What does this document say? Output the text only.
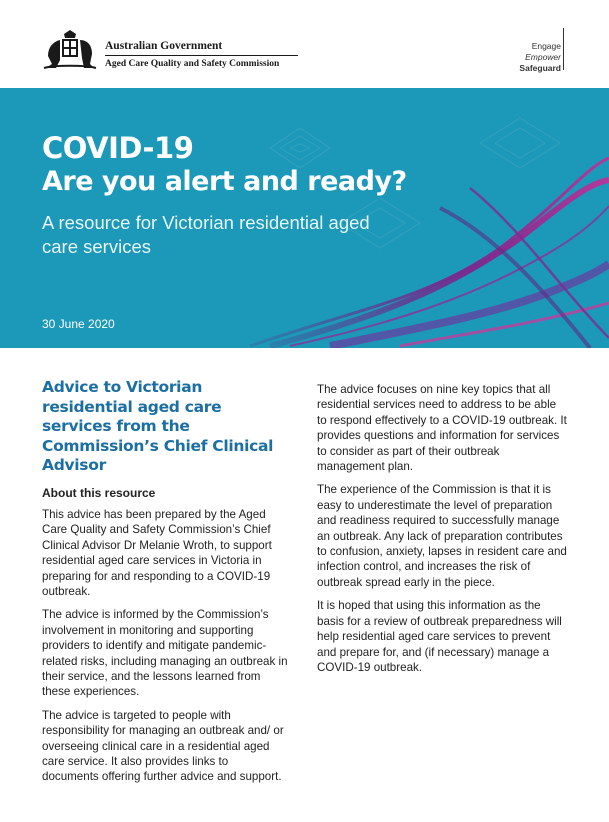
Australian Government
Aged Care Quality and Safety Commission
Engage
Empower
Safeguard
COVID-19
Are you alert and ready?
A resource for Victorian residential aged care services
30 June 2020
Advice to Victorian residential aged care services from the Commission’s Chief Clinical Advisor
About this resource

This advice has been prepared by the Aged Care Quality and Safety Commission’s Chief Clinical Advisor Dr Melanie Wroth, to support residential aged care services in Victoria in preparing for and responding to a COVID-19 outbreak.

The advice is informed by the Commission’s involvement in monitoring and supporting providers to identify and mitigate pandemic-related risks, including managing an outbreak in their service, and the lessons learned from these experiences.

The advice is targeted to people with responsibility for managing an outbreak and/ or overseeing clinical care in a residential aged care service. It also provides links to documents offering further advice and support.

The advice focuses on nine key topics that all residential services need to address to be able to respond effectively to a COVID-19 outbreak. It provides questions and information for services to consider as part of their outbreak management plan.

The experience of the Commission is that it is easy to underestimate the level of preparation and readiness required to successfully manage an outbreak. Any lack of preparation contributes to confusion, anxiety, lapses in resident care and infection control, and increases the risk of outbreak spread early in the piece.

It is hoped that using this information as the basis for a review of outbreak preparedness will help residential aged care services to prevent and prepare for, and (if necessary) manage a COVID-19 outbreak.
